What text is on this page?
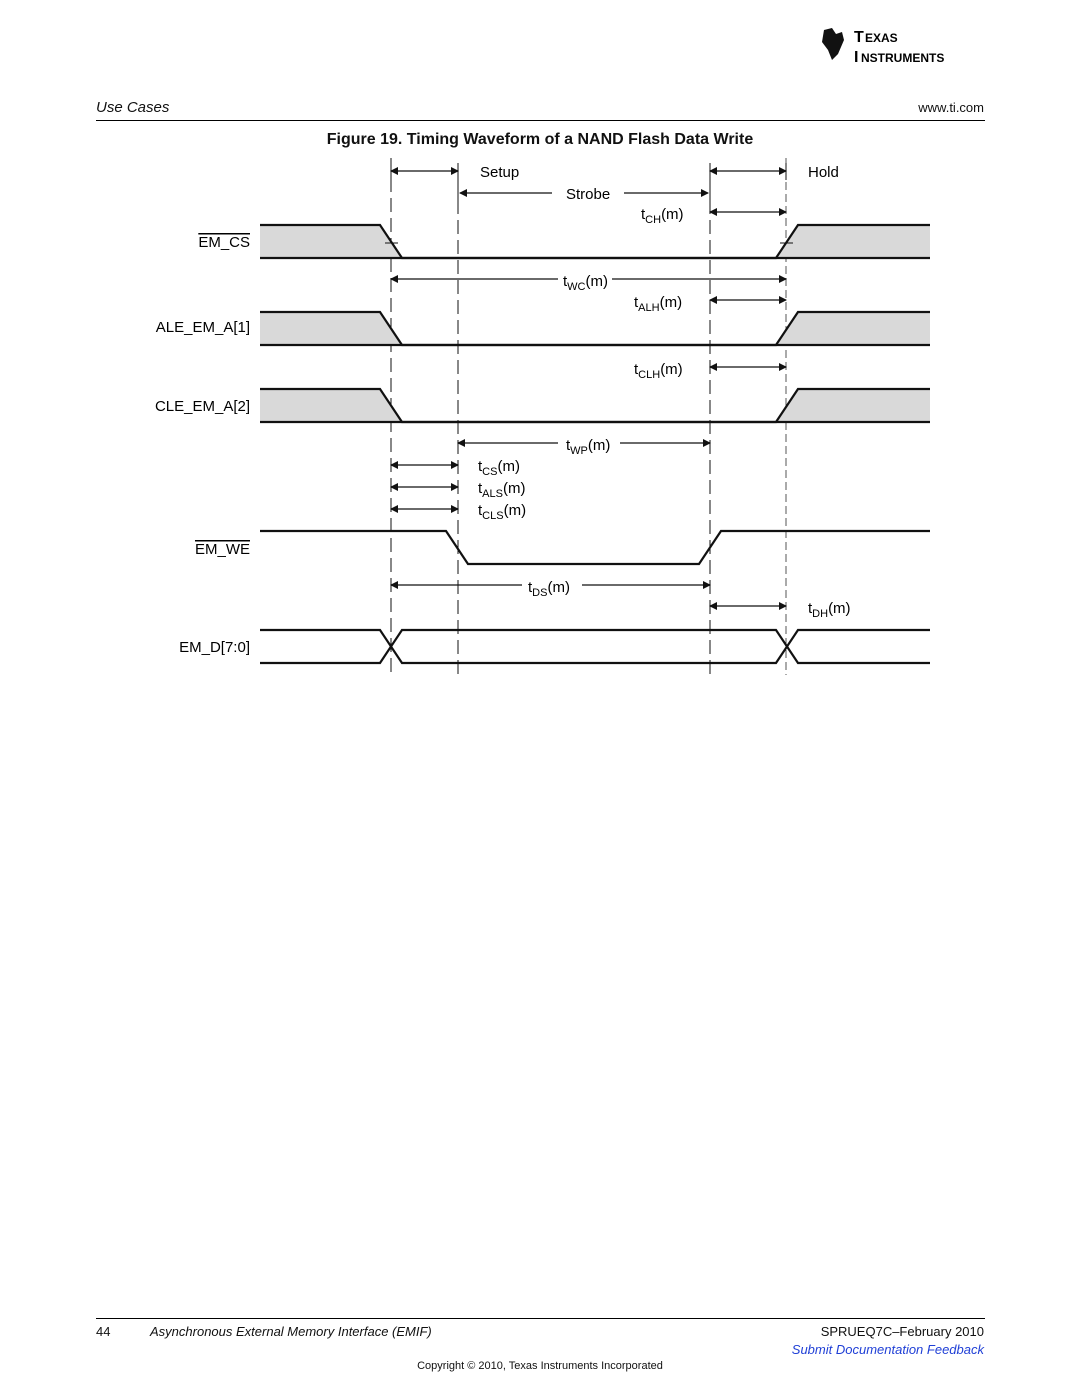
T EXAS
I NSTRUMENTS
Use Cases	www.ti.com
Figure 19. Timing Waveform of a NAND Flash Data Write
Setup
Strobe
Hold
EM_CS
$t_{CH}(m)$
$t_{WC}(m)$
$t_{ALH}(m)$
ALE_EM_A[1]
$t_{CLH}(m)$
CLE_EM_A[2]
$t_{WP}(m)$
$t_{CS}(m)$
$t_{ALS}(m)$
$t_{CLS}(m)$
EM_WE
$t_{DS}(m)$
$t_{DH}(m)$
EM_D[7:0]
44	Asynchronous External Memory Interface (EMIF)	SPRUEQ7C–February 2010
Submit Documentation Feedback
Copyright © 2010, Texas Instruments Incorporated
